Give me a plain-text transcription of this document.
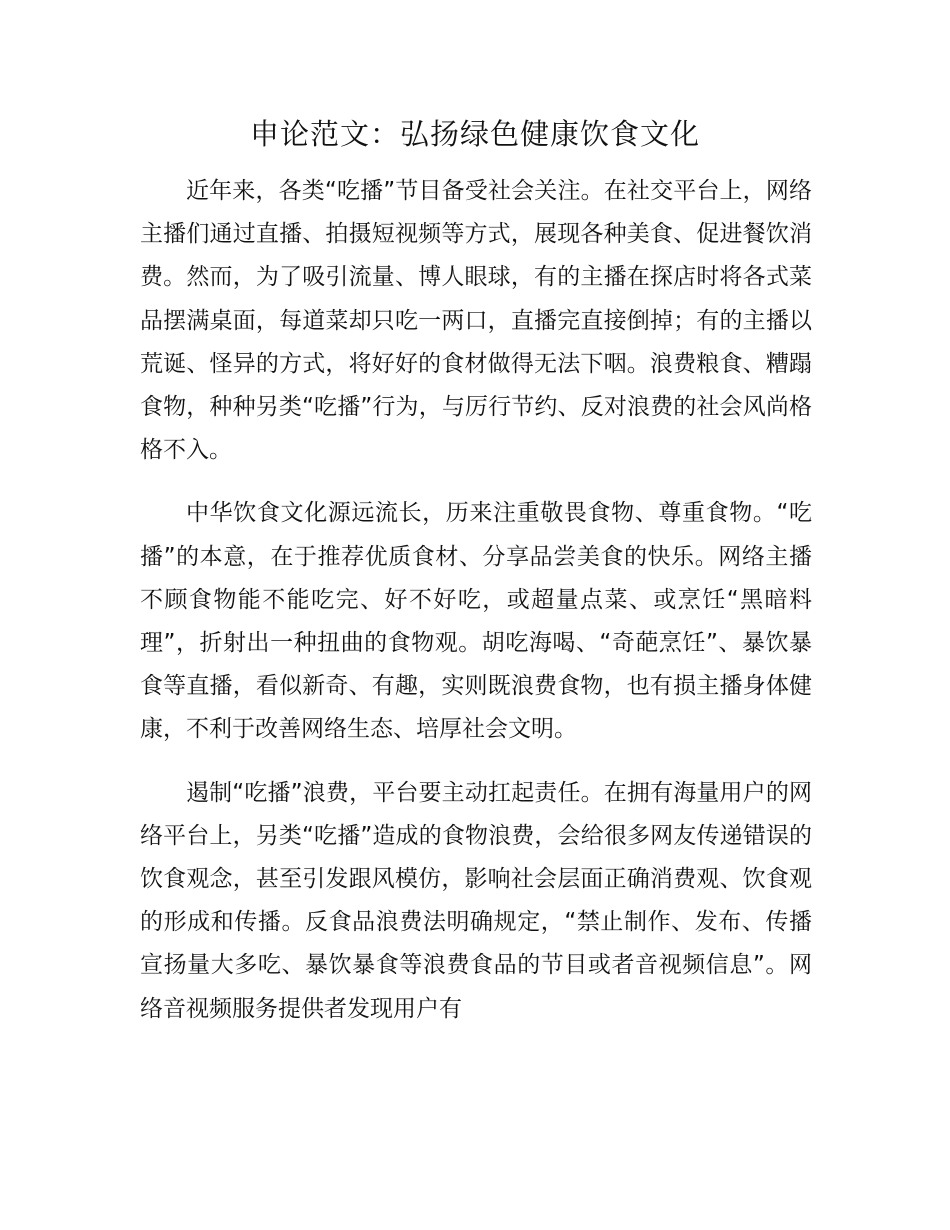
申论范文：弘扬绿色健康饮食文化

近年来，各类“吃播”节目备受社会关注。在社交平台上，网络主播们通过直播、拍摄短视频等方式，展现各种美食、促进餐饮消费。然而，为了吸引流量、博人眼球，有的主播在探店时将各式菜品摆满桌面，每道菜却只吃一两口，直播完直接倒掉；有的主播以荒诞、怪异的方式，将好好的食材做得无法下咽。浪费粮食、糟蹋食物，种种另类“吃播”行为，与厉行节约、反对浪费的社会风尚格格不入。

中华饮食文化源远流长，历来注重敬畏食物、尊重食物。“吃播”的本意，在于推荐优质食材、分享品尝美食的快乐。网络主播不顾食物能不能吃完、好不好吃，或超量点菜、或烹饪“黑暗料理”，折射出一种扭曲的食物观。胡吃海喝、“奇葩烹饪”、暴饮暴食等直播，看似新奇、有趣，实则既浪费食物，也有损主播身体健康，不利于改善网络生态、培厚社会文明。

遏制“吃播”浪费，平台要主动扛起责任。在拥有海量用户的网络平台上，另类“吃播”造成的食物浪费，会给很多网友传递错误的饮食观念，甚至引发跟风模仿，影响社会层面正确消费观、饮食观的形成和传播。反食品浪费法明确规定，“禁止制作、发布、传播宣扬量大多吃、暴饮暴食等浪费食品的节目或者音视频信息”。网络音视频服务提供者发现用户有
